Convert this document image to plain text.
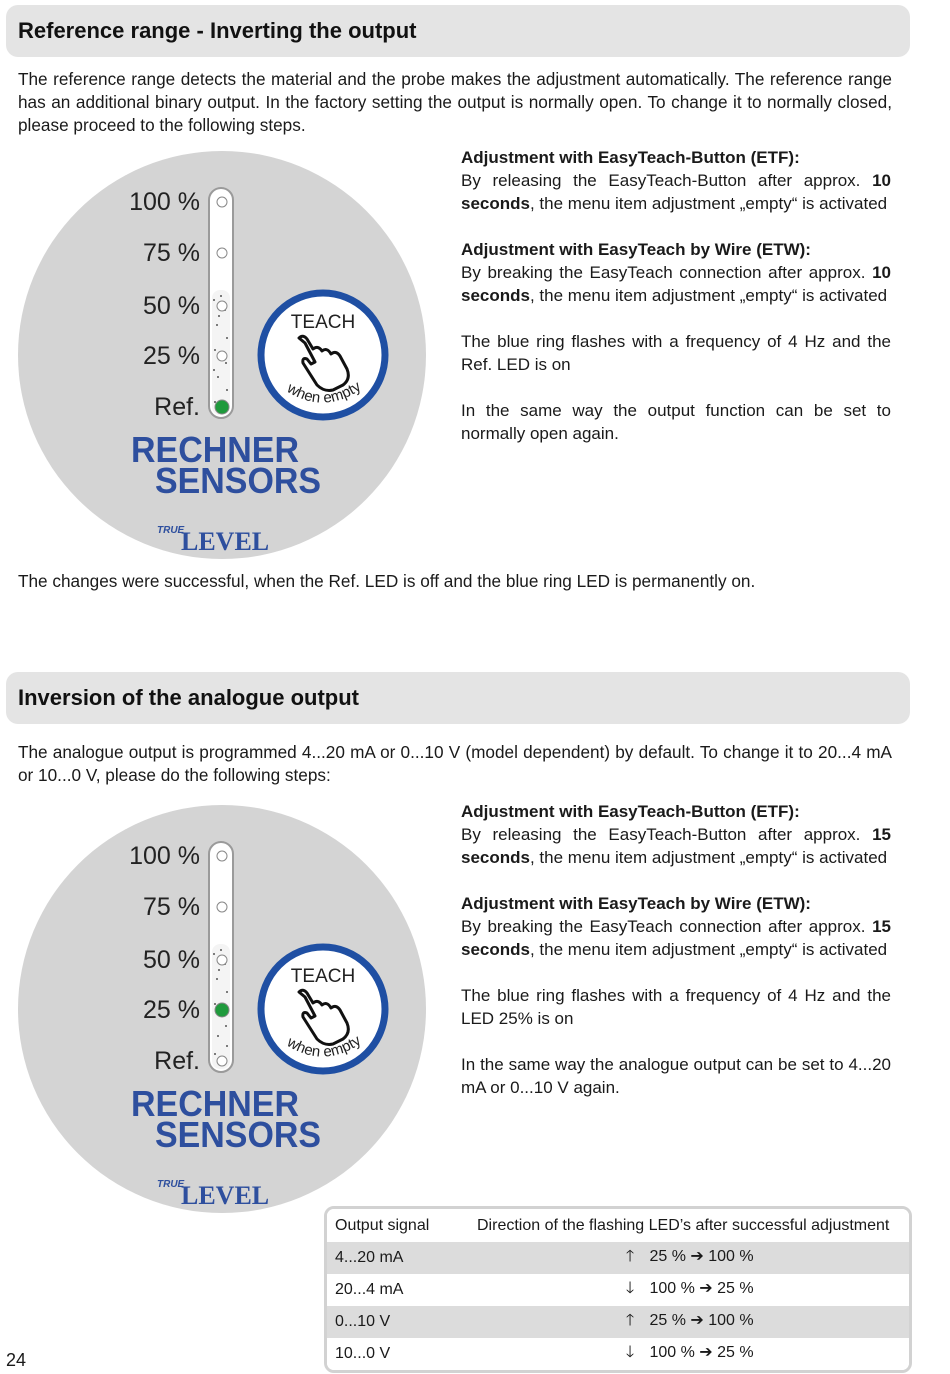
Reference range - Inverting the output

The reference range detects the material and the probe makes the adjustment automatically. The reference range has an additional binary output. In the factory setting the output is normally open. To change it to normally closed, please proceed to the following steps.

100 %
75 %
50 %
25 %
Ref.
TEACH
when empty
RECHNER
SENSORS
TRUE
LEVEL

Adjustment with EasyTeach-Button (ETF):

By releasing the EasyTeach-Button after approx. 10 seconds, the menu item adjustment „empty“ is activated

Adjustment with EasyTeach by Wire (ETW):

By breaking the EasyTeach connection after approx. 10 seconds, the menu item adjustment „empty“ is activated

The blue ring flashes with a frequency of 4 Hz and the Ref. LED is on

In the same way the output function can be set to normally open again.

The changes were successful, when the Ref. LED is off and the blue ring LED is permanently on.

Inversion of the analogue output

The analogue output is programmed 4...20 mA or 0...10 V (model dependent) by default. To change it to 20...4 mA or 10...0 V, please do the following steps:

100 %
75 %
50 %
25 %
Ref.
TEACH
when empty
RECHNER
SENSORS
TRUE
LEVEL

Adjustment with EasyTeach-Button (ETF):

By releasing the EasyTeach-Button after approx. 15 seconds, the menu item adjustment „empty“ is activated

Adjustment with EasyTeach by Wire (ETW):

By breaking the EasyTeach connection after approx. 15 seconds, the menu item adjustment „empty“ is activated

The blue ring flashes with a frequency of 4 Hz and the LED 25% is on

In the same way the analogue output can be set to 4...20 mA or 0...10 V again.

Output signal	Direction of the flashing LED’s after successful adjustment
4...20 mA	🡑 25 % ➔ 100 %
20...4 mA	🡓 100 % ➔ 25 %
0...10 V	🡑 25 % ➔ 100 %
10...0 V	🡓 100 % ➔ 25 %
24
